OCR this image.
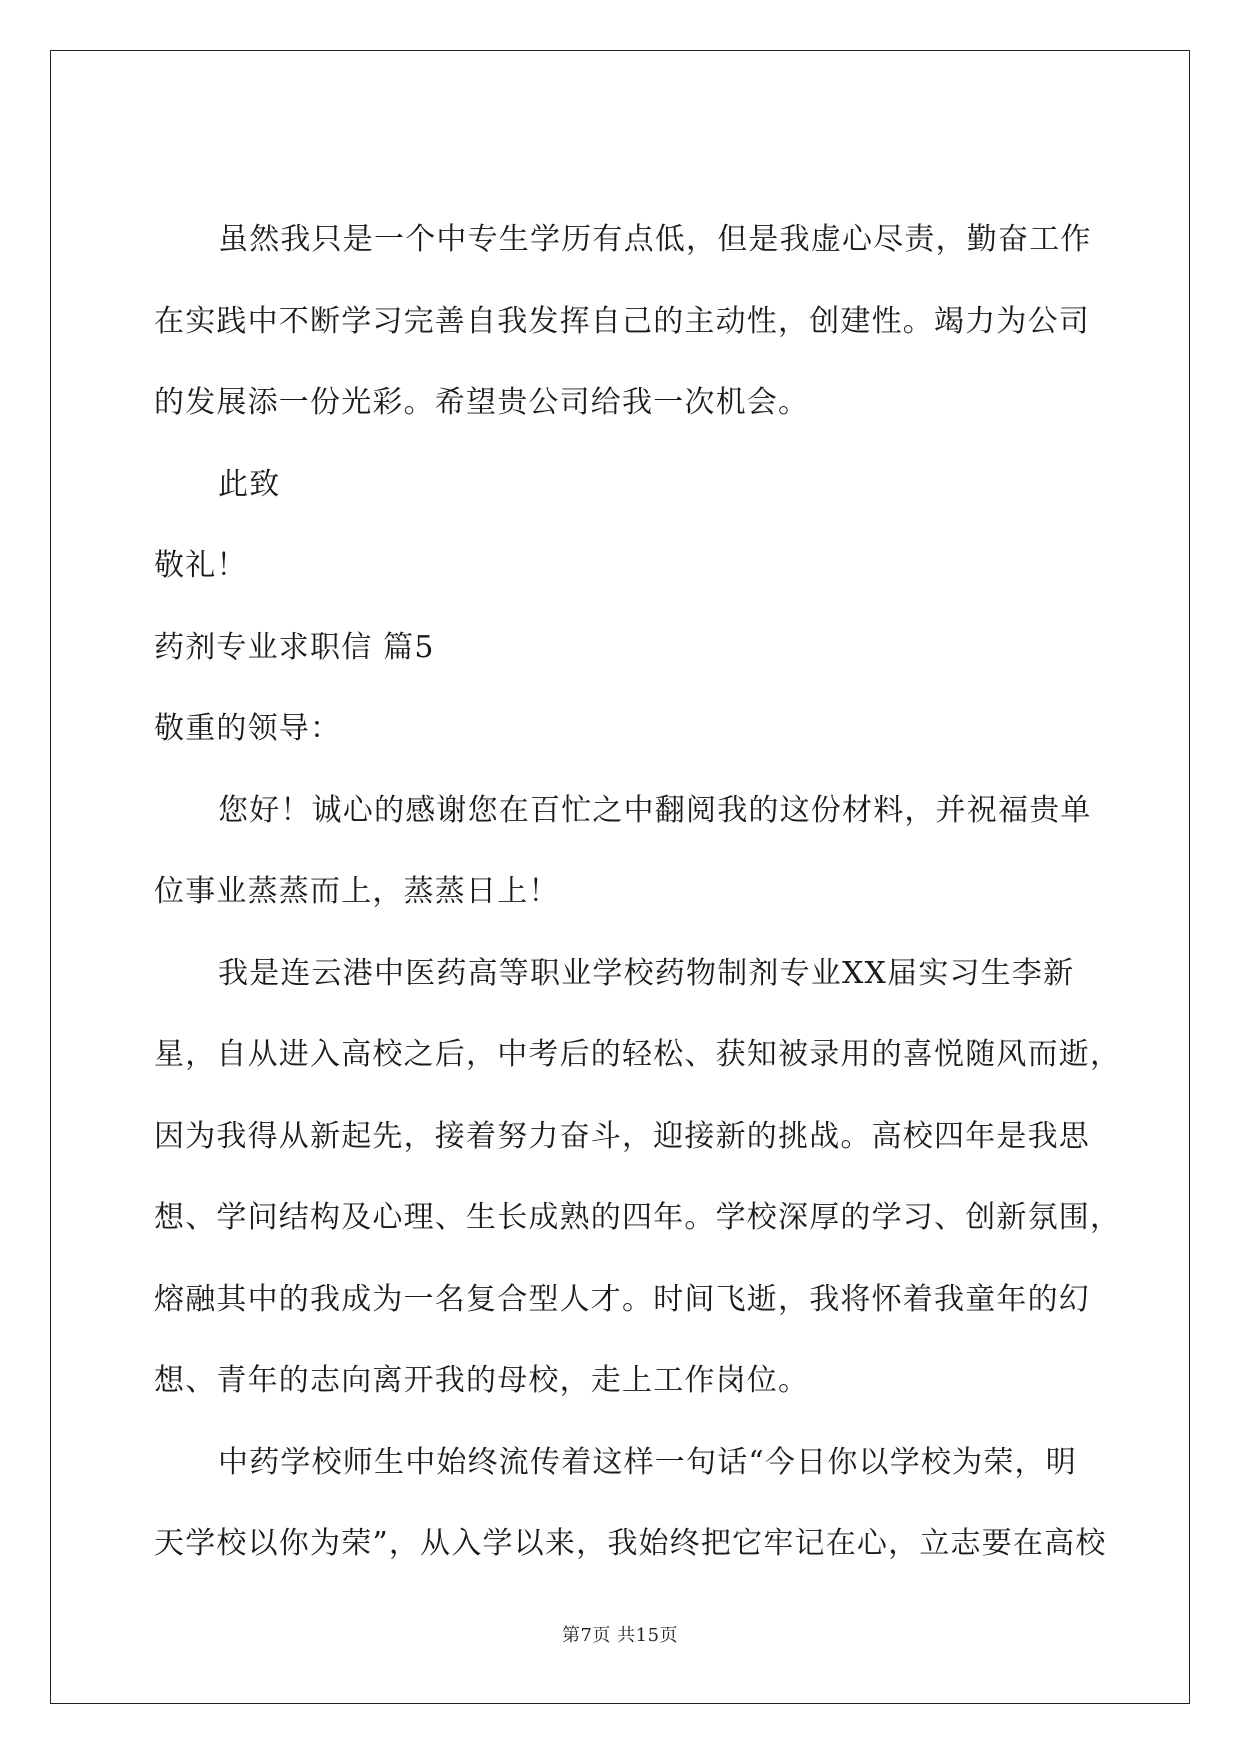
虽然我只是一个中专生学历有点低，但是我虚心尽责，勤奋工作
在实践中不断学习完善自我发挥自己的主动性，创建性。竭力为公司
的发展添一份光彩。希望贵公司给我一次机会。
此致
敬礼！
药剂专业求职信 篇5
敬重的领导：
您好！诚心的感谢您在百忙之中翻阅我的这份材料，并祝福贵单
位事业蒸蒸而上，蒸蒸日上！
我是连云港中医药高等职业学校药物制剂专业XX届实习生李新
星，自从进入高校之后，中考后的轻松、获知被录用的喜悦随风而逝，
因为我得从新起先，接着努力奋斗，迎接新的挑战。高校四年是我思
想、学问结构及心理、生长成熟的四年。学校深厚的学习、创新氛围，
熔融其中的我成为一名复合型人才。时间飞逝，我将怀着我童年的幻
想、青年的志向离开我的母校，走上工作岗位。
中药学校师生中始终流传着这样一句话“今日你以学校为荣，明
天学校以你为荣”，从入学以来，我始终把它牢记在心，立志要在高校
第7页 共15页
